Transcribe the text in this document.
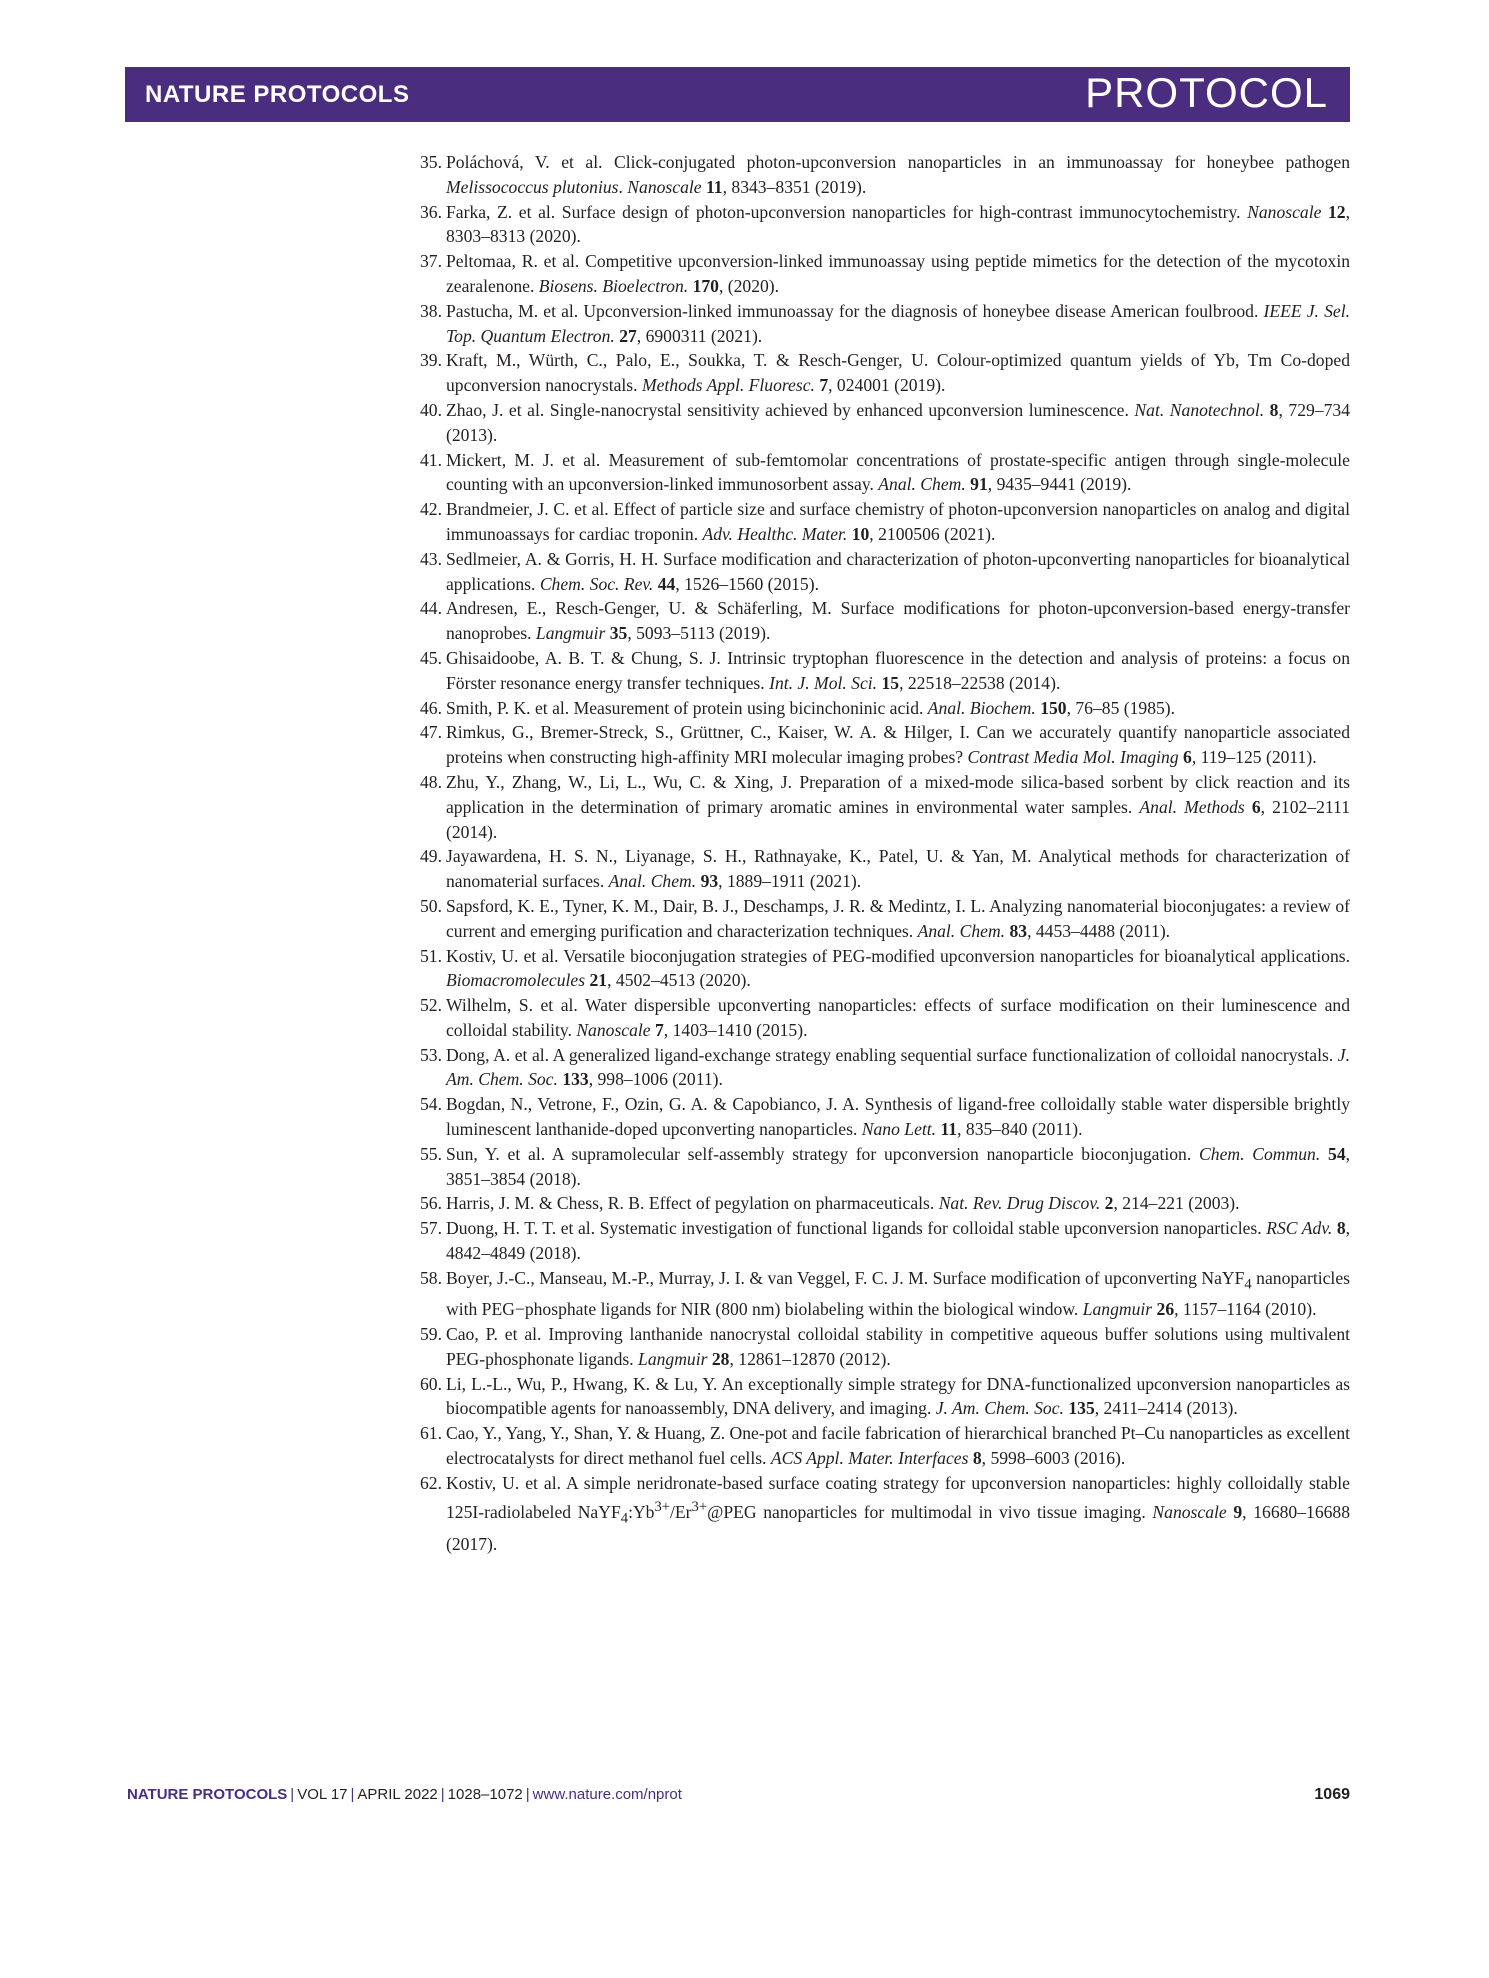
NATURE PROTOCOLS	PROTOCOL
35 . Poláchová, V. et al. Click-conjugated photon-upconversion nanoparticles in an immunoassay for honeybee pathogen Melissococcus plutonius. Nanoscale 11, 8343–8351 (2019).
36 . Farka, Z. et al. Surface design of photon-upconversion nanoparticles for high-contrast immunocytochemistry. Nanoscale 12, 8303–8313 (2020).
37 . Peltomaa, R. et al. Competitive upconversion-linked immunoassay using peptide mimetics for the detection of the mycotoxin zearalenone. Biosens. Bioelectron. 170, (2020).
38 . Pastucha, M. et al. Upconversion-linked immunoassay for the diagnosis of honeybee disease American foulbrood. IEEE J. Sel. Top. Quantum Electron. 27, 6900311 (2021).
39 . Kraft, M., Würth, C., Palo, E., Soukka, T. & Resch-Genger, U. Colour-optimized quantum yields of Yb, Tm Co-doped upconversion nanocrystals. Methods Appl. Fluoresc. 7, 024001 (2019).
40 . Zhao, J. et al. Single-nanocrystal sensitivity achieved by enhanced upconversion luminescence. Nat. Nanotechnol. 8, 729–734 (2013).
41 . Mickert, M. J. et al. Measurement of sub-femtomolar concentrations of prostate-specific antigen through single-molecule counting with an upconversion-linked immunosorbent assay. Anal. Chem. 91, 9435–9441 (2019).
42 . Brandmeier, J. C. et al. Effect of particle size and surface chemistry of photon-upconversion nanoparticles on analog and digital immunoassays for cardiac troponin. Adv. Healthc. Mater. 10, 2100506 (2021).
43 . Sedlmeier, A. & Gorris, H. H. Surface modification and characterization of photon-upconverting nanoparticles for bioanalytical applications. Chem. Soc. Rev. 44, 1526–1560 (2015).
44 . Andresen, E., Resch-Genger, U. & Schäferling, M. Surface modifications for photon-upconversion-based energy-transfer nanoprobes. Langmuir 35, 5093–5113 (2019).
45 . Ghisaidoobe, A. B. T. & Chung, S. J. Intrinsic tryptophan fluorescence in the detection and analysis of proteins: a focus on Förster resonance energy transfer techniques. Int. J. Mol. Sci. 15, 22518–22538 (2014).
46 . Smith, P. K. et al. Measurement of protein using bicinchoninic acid. Anal. Biochem. 150, 76–85 (1985).
47 . Rimkus, G., Bremer-Streck, S., Grüttner, C., Kaiser, W. A. & Hilger, I. Can we accurately quantify nanoparticle associated proteins when constructing high-affinity MRI molecular imaging probes? Contrast Media Mol. Imaging 6, 119–125 (2011).
48 . Zhu, Y., Zhang, W., Li, L., Wu, C. & Xing, J. Preparation of a mixed-mode silica-based sorbent by click reaction and its application in the determination of primary aromatic amines in environmental water samples. Anal. Methods 6, 2102–2111 (2014).
49 . Jayawardena, H. S. N., Liyanage, S. H., Rathnayake, K., Patel, U. & Yan, M. Analytical methods for characterization of nanomaterial surfaces. Anal. Chem. 93, 1889–1911 (2021).
50 . Sapsford, K. E., Tyner, K. M., Dair, B. J., Deschamps, J. R. & Medintz, I. L. Analyzing nanomaterial bioconjugates: a review of current and emerging purification and characterization techniques. Anal. Chem. 83, 4453–4488 (2011).
51 . Kostiv, U. et al. Versatile bioconjugation strategies of PEG-modified upconversion nanoparticles for bioanalytical applications. Biomacromolecules 21, 4502–4513 (2020).
52 . Wilhelm, S. et al. Water dispersible upconverting nanoparticles: effects of surface modification on their luminescence and colloidal stability. Nanoscale 7, 1403–1410 (2015).
53 . Dong, A. et al. A generalized ligand-exchange strategy enabling sequential surface functionalization of colloidal nanocrystals. J. Am. Chem. Soc. 133, 998–1006 (2011).
54 . Bogdan, N., Vetrone, F., Ozin, G. A. & Capobianco, J. A. Synthesis of ligand-free colloidally stable water dispersible brightly luminescent lanthanide-doped upconverting nanoparticles. Nano Lett. 11, 835–840 (2011).
55 . Sun, Y. et al. A supramolecular self-assembly strategy for upconversion nanoparticle bioconjugation. Chem. Commun. 54, 3851–3854 (2018).
56 . Harris, J. M. & Chess, R. B. Effect of pegylation on pharmaceuticals. Nat. Rev. Drug Discov. 2, 214–221 (2003).
57 . Duong, H. T. T. et al. Systematic investigation of functional ligands for colloidal stable upconversion nanoparticles. RSC Adv. 8, 4842–4849 (2018).
58 . Boyer, J.-C., Manseau, M.-P., Murray, J. I. & van Veggel, F. C. J. M. Surface modification of upconverting NaYF$_4$ nanoparticles with PEG−phosphate ligands for NIR (800 nm) biolabeling within the biological window. Langmuir 26, 1157–1164 (2010).
59 . Cao, P. et al. Improving lanthanide nanocrystal colloidal stability in competitive aqueous buffer solutions using multivalent PEG-phosphonate ligands. Langmuir 28, 12861–12870 (2012).
60 . Li, L.-L., Wu, P., Hwang, K. & Lu, Y. An exceptionally simple strategy for DNA-functionalized upconversion nanoparticles as biocompatible agents for nanoassembly, DNA delivery, and imaging. J. Am. Chem. Soc. 135, 2411–2414 (2013).
61 . Cao, Y., Yang, Y., Shan, Y. & Huang, Z. One-pot and facile fabrication of hierarchical branched Pt–Cu nanoparticles as excellent electrocatalysts for direct methanol fuel cells. ACS Appl. Mater. Interfaces 8, 5998–6003 (2016).
62 . Kostiv, U. et al. A simple neridronate-based surface coating strategy for upconversion nanoparticles: highly colloidally stable 125I-radiolabeled $NaYF_4:Yb^{3+}/Er^{3+}@PEG$ nanoparticles for multimodal in vivo tissue imaging. Nanoscale 9, 16680–16688 (2017).
NATURE PROTOCOLS | VOL 17 | APRIL 2022 | 1028–1072 | www.nature.com/nprot	1069
